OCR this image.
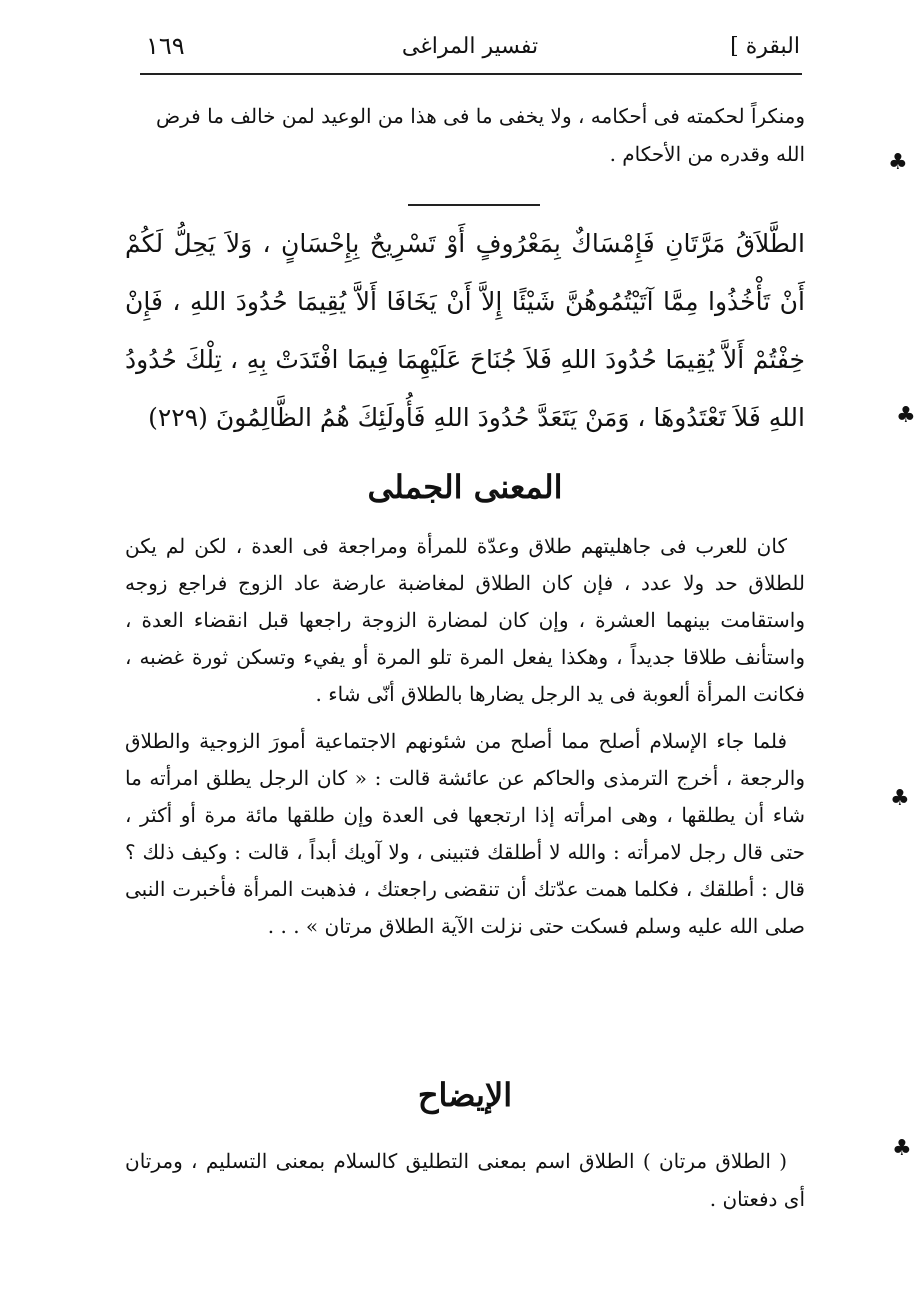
البقرة ]
تفسير المراغى
١٦٩

ومنكراً لحكمته فى أحكامه ، ولا يخفى ما فى هذا من الوعيد لمن خالف ما فرض

الله وقدره من الأحكام .

الطَّلاَقُ مَرَّتَانِ فَإِمْسَاكٌ بِمَعْرُوفٍ أَوْ تَسْرِيحٌ بِإِحْسَانٍ ، وَلاَ يَحِلُّ لَكُمْ أَنْ تَأْخُذُوا مِمَّا آتَيْتُمُوهُنَّ شَيْئًا إِلاَّ أَنْ يَخَافَا أَلاَّ يُقِيمَا حُدُودَ اللهِ ، فَإِنْ خِفْتُمْ أَلاَّ يُقِيمَا حُدُودَ اللهِ فَلاَ جُنَاحَ عَلَيْهِمَا فِيمَا افْتَدَتْ بِهِ ، تِلْكَ حُدُودُ اللهِ فَلاَ تَعْتَدُوهَا ، وَمَنْ يَتَعَدَّ حُدُودَ اللهِ فَأُولَئِكَ هُمُ الظَّالِمُونَ (٢٢٩)
المعنى الجملى

كان للعرب فى جاهليتهم طلاق وعدّة للمرأة ومراجعة فى العدة ، لكن لم يكن للطلاق حد ولا عدد ، فإن كان الطلاق لمغاضبة عارضة عاد الزوج فراجع زوجه واستقامت بينهما العشرة ، وإن كان لمضارة الزوجة راجعها قبل انقضاء العدة ، واستأنف طلاقا جديداً ، وهكذا يفعل المرة تلو المرة أو يفيء وتسكن ثورة غضبه ، فكانت المرأة ألعوبة فى يد الرجل يضارها بالطلاق أنّى شاء .

فلما جاء الإسلام أصلح مما أصلح من شئونهم الاجتماعية أمورَ الزوجية والطلاق والرجعة ، أخرج الترمذى والحاكم عن عائشة قالت : « كان الرجل يطلق امرأته ما شاء أن يطلقها ، وهى امرأته إذا ارتجعها فى العدة وإن طلقها مائة مرة أو أكثر ، حتى قال رجل لامرأته : والله لا أطلقك فتبينى ، ولا آويك أبداً ، قالت : وكيف ذلك ؟ قال : أطلقك ، فكلما همت عدّتك أن تنقضى راجعتك ، فذهبت المرأة فأخبرت النبى صلى الله عليه وسلم فسكت حتى نزلت الآية الطلاق مرتان » . . .

الإيضاح

( الطلاق مرتان ) الطلاق اسم بمعنى التطليق كالسلام بمعنى التسليم ، ومرتان أى دفعتان .

♣
♣
♣
♣
